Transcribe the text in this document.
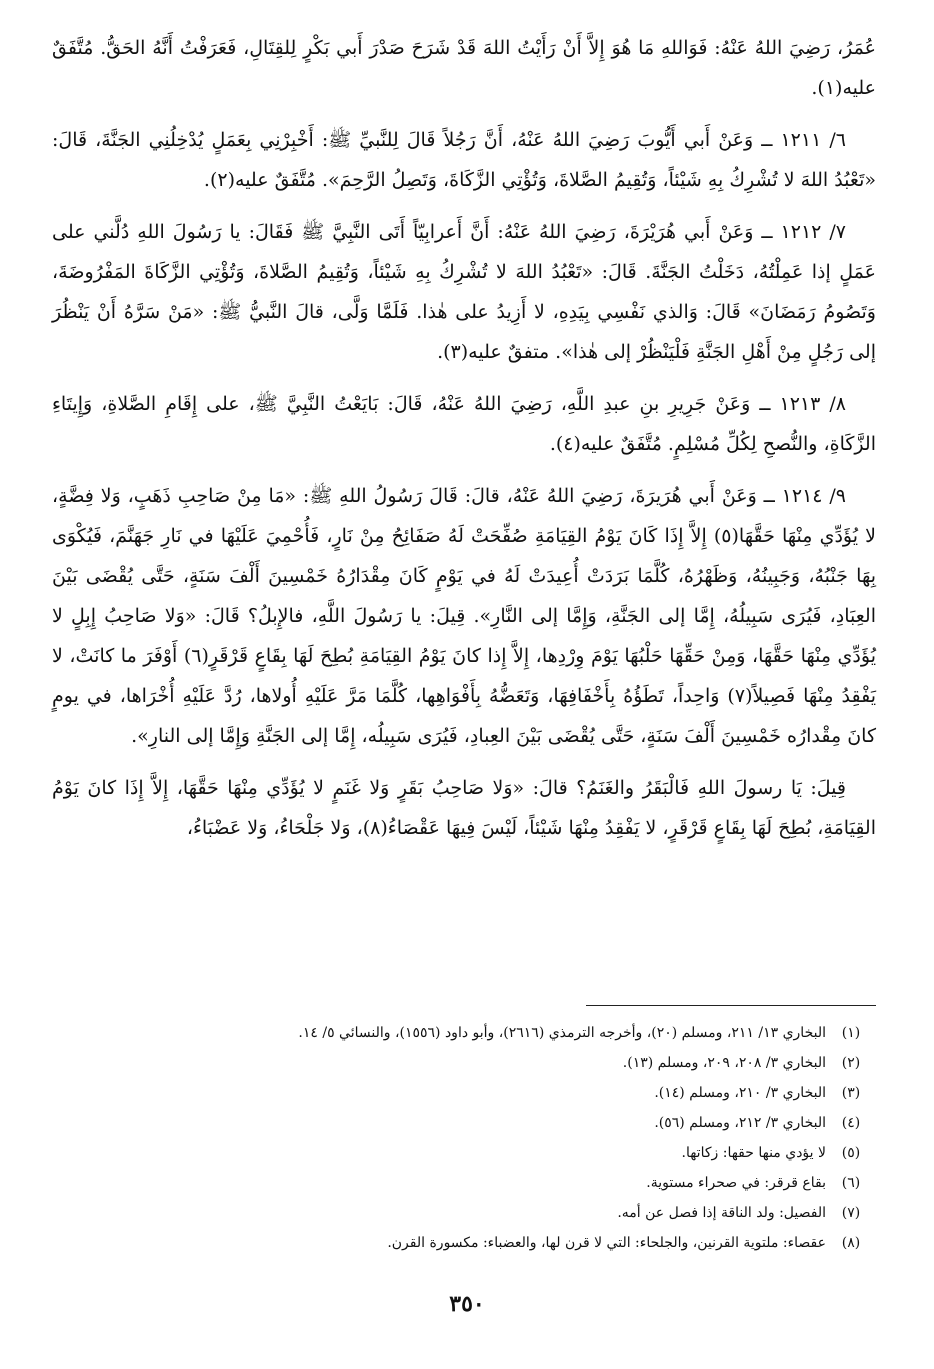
عُمَرُ، رَضِيَ اللهُ عَنْهُ: فَوَاللهِ مَا هُوَ إِلاَّ أَنْ رَأَيْتُ اللهَ قَدْ شَرَحَ صَدْرَ أَبي بَكْرٍ لِلقِتَالِ، فَعَرَفْتُ أَنَّهُ الحَقُّ. مُتَّفَقٌ عليه(١).

٦/ ١٢١١ ــ وَعَنْ أَبي أَيُّوبَ رَضِيَ اللهُ عَنْهُ، أَنَّ رَجُلاً قَالَ لِلنَّبيِّ ﷺ: أَخْبِرْنِي بِعَمَلٍ يُدْخِلُنِي الجَنَّةَ، قَالَ: «تَعْبُدُ اللهَ لا تُشْرِكُ بِهِ شَيْئاً، وَتُقِيمُ الصَّلاةَ، وَتُؤْتِي الزَّكَاةَ، وَتَصِلُ الرَّحِمَ». مُتَّفَقٌ عليه(٢).

٧/ ١٢١٢ ــ وَعَنْ أَبي هُرَيْرَةَ، رَضِيَ اللهُ عَنْهُ: أَنَّ أَعرابِيّاً أَتَى النَّبِيَّ ﷺ فَقَالَ: يا رَسُولَ اللهِ دُلَّني على عَمَلٍ إذا عَمِلْتُهُ، دَخَلْتُ الجَنَّةَ. قَالَ: «تَعْبُدُ اللهَ لا تُشْرِكُ بِهِ شَيْئاً، وَتُقِيمُ الصَّلاةَ، وَتُؤْتِي الزَّكَاةَ المَفْرُوضَةَ، وَتَصُومُ رَمَضَانَ» قَالَ: وَالذي نَفْسِي بِيَدِهِ، لا أَزِيدُ على هٰذا. فَلَمَّا وَلَّى، قالَ النَّبيُّ ﷺ: «مَنْ سَرَّهُ أَنْ يَنْظُرَ إلى رَجُلٍ مِنْ أَهْلِ الجَنَّةِ فَلْيَنْظُرْ إلى هٰذا». متفقٌ عليه(٣).

٨/ ١٢١٣ ــ وَعَنْ جَرِيرِ بنِ عبدِ اللَّهِ، رَضِيَ اللهُ عَنْهُ، قَالَ: بَايَعْتُ النَّبِيَّ ﷺ، على إِقَامِ الصَّلاةِ، وَإِيتَاءِ الزَّكَاةِ، والنُّصحِ لِكُلِّ مُسْلِمٍ. مُتَّفَقٌ عليه(٤).

٩/ ١٢١٤ ــ وَعَنْ أَبي هُرَيرَةَ، رَضِيَ اللهُ عَنْهُ، قالَ: قَالَ رَسُولُ اللهِ ﷺ: «مَا مِنْ صَاحِبِ ذَهَبٍ، وَلا فِضَّةٍ، لا يُؤَدِّي مِنْهَا حَقَّهَا(٥) إِلاَّ إِذَا كَانَ يَوْمُ القِيَامَةِ صُفِّحَتْ لَهُ صَفَائِحُ مِنْ نَارٍ، فَأُحْمِيَ عَلَيْهَا في نَارِ جَهَنَّمَ، فَيُكْوَى بِهَا جَنْبُهُ، وَجَبِينُهُ، وَظَهْرُهُ، كُلَّمَا بَرَدَتْ أُعِيدَتْ لَهُ في يَوْمٍ كَانَ مِقْدَارُهُ خَمْسِينَ أَلْفَ سَنَةٍ، حَتَّى يُقْضَى بَيْنَ العِبَادِ، فَيُرَى سَبِيلُهُ، إِمَّا إلى الجَنَّةِ، وَإِمَّا إلى النَّارِ». قِيلَ: يا رَسُولَ اللَّهِ، فالإِبلُ؟ قَالَ: «وَلا صَاحِبُ إِبِلٍ لا يُؤَدِّي مِنْهَا حَقَّهَا، وَمِنْ حَقِّهَا حَلْبُهَا يَوْمَ وِرْدِها، إِلاَّ إِذا كانَ يَوْمُ القِيَامَةِ بُطِحَ لَهَا بِقَاعٍ قَرْقَرٍ(٦) أَوْفَرَ ما كانَتْ، لا يَفْقِدُ مِنْهَا فَصِيلاً(٧) وَاحِداً، تَطَؤُهُ بِأَخْفَافِهَا، وَتَعَضُّهُ بِأَفْوَاهِها، كُلَّمَا مَرَّ عَلَيْهِ أُولاها، رُدَّ عَلَيْهِ أُخْرَاها، في يومٍ كانَ مِقْدارُه خَمْسِينَ أَلْفَ سَنَةٍ، حَتَّى يُقْضَى بَيْنَ العِبادِ، فَيُرَى سَبِيلُه، إِمَّا إلى الجَنَّةِ وَإِمَّا إلى النارِ».

قِيلَ: يَا رسولَ اللهِ فَالْبَقَرُ والغَنَمُ؟ قالَ: «وَلا صَاحِبُ بَقَرٍ وَلا غَنَمٍ لا يُؤَدِّي مِنْهَا حَقَّهَا، إِلاَّ إِذَا كانَ يَوْمُ القِيَامَةِ، بُطِحَ لَهَا بِقَاعٍ قَرْقَرٍ، لا يَفْقِدُ مِنْهَا شَيْئاً، لَيْسَ فِيهَا عَقْصَاءُ(٨)، وَلا جَلْحَاءُ، وَلا عَضْبَاءُ،

(١)
البخاري ١٣/ ٢١١، ومسلم (٢٠)، وأخرجه الترمذي (٢٦١٦)، وأبو داود (١٥٥٦)، والنسائي ٥/ ١٤.
(٢)
البخاري ٣/ ٢٠٨، ٢٠٩، ومسلم (١٣).
(٣)
البخاري ٣/ ٢١٠، ومسلم (١٤).
(٤)
البخاري ٣/ ٢١٢، ومسلم (٥٦).
(٥)
لا يؤدي منها حقها: زكاتها.
(٦)
بقاع قرقر: في صحراء مستوية.
(٧)
الفصيل: ولد الناقة إذا فصل عن أمه.
(٨)
عقصاء: ملتوية القرنين، والجلحاء: التي لا قرن لها، والعضباء: مكسورة القرن.
٣٥٠
